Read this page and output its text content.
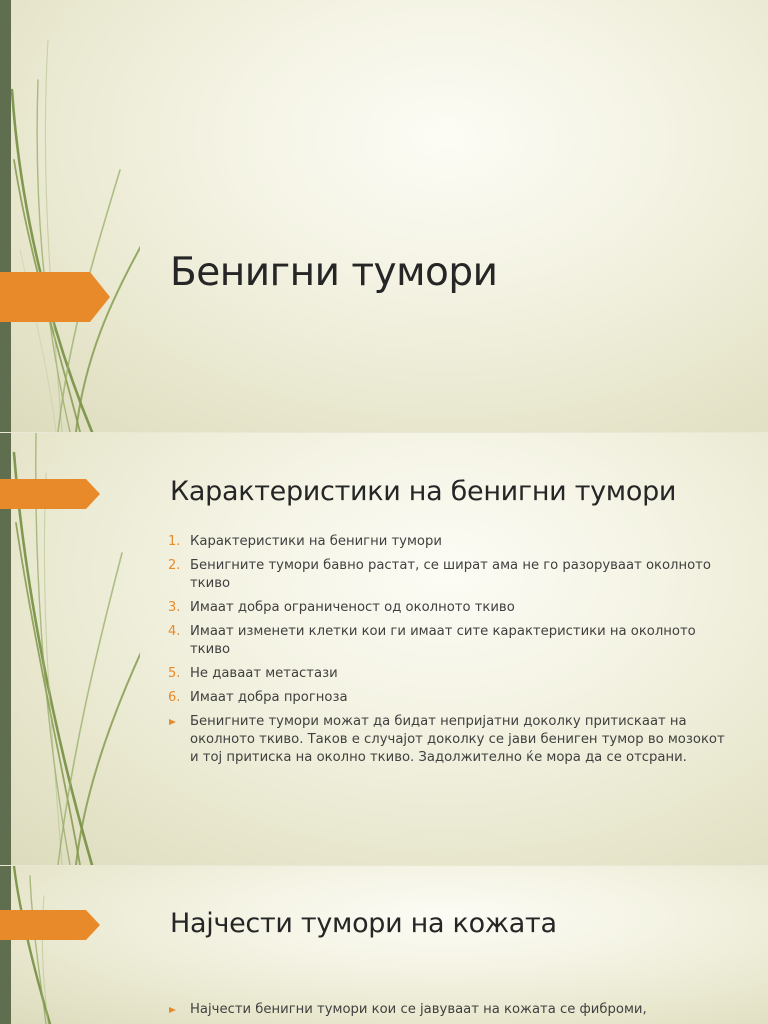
Бенигни тумори
Карактеристики на бенигни тумори
1. Карактеристики на бенигни тумори
2. Бенигните тумори бавно растат, се шират ама не го разоруваат околното ткиво
3. Имаат добра ограниченост од околното ткиво
4. Имаат изменети клетки кои ги имаат сите карактеристики на околното ткиво
5. Не даваат метастази
6. Имаат добра прогноза
Бенигните тумори можат да бидат непријатни доколку притискаат на околното ткиво. Таков е случајот доколку се јави бениген тумор во мозокот и тој притиска на околно ткиво. Задолжително ќе мора да се отсрани.
Најчести тумори на кожата
Најчести бенигни тумори кои се јавуваат на кожата се фиброми,
